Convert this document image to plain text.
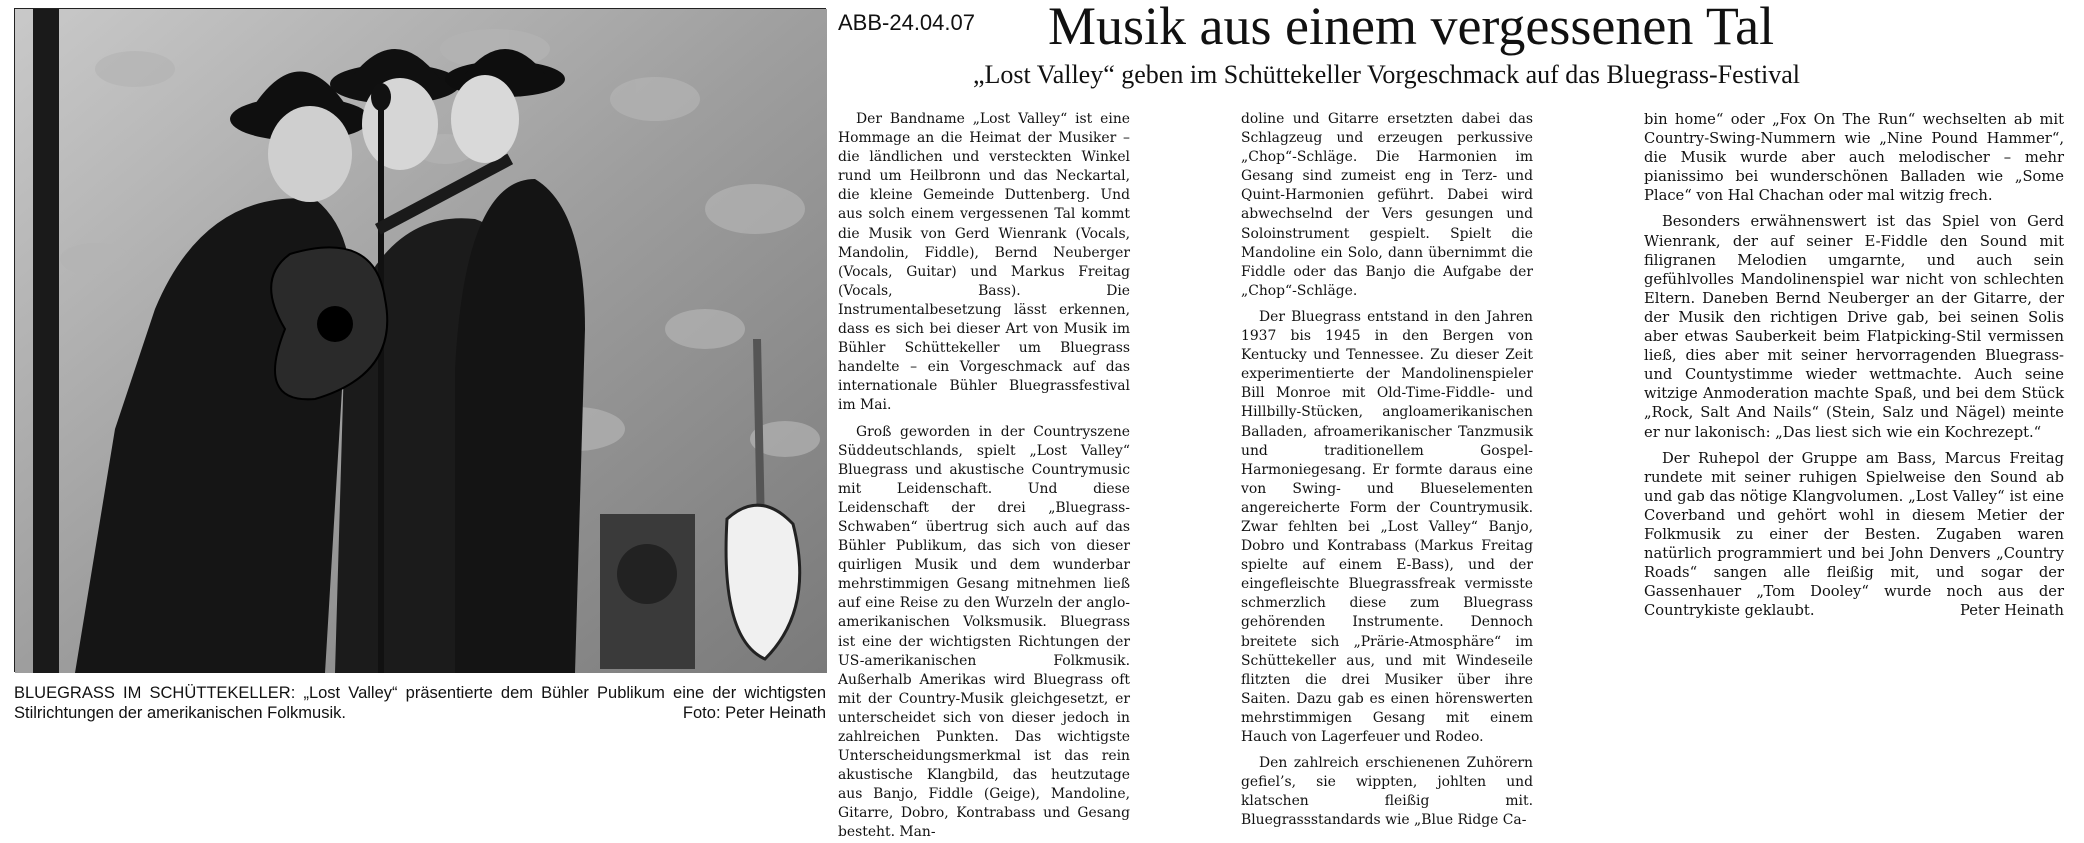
BLUEGRASS IM SCHÜTTEKELLER: „Lost Valley“ präsentierte dem Bühler Publikum eine der wichtigsten Stilrichtungen der amerikanischen Folkmusik.	Foto: Peter Heinath
ABB-24.04.07 Musik aus einem vergessenen Tal
„Lost Valley“ geben im Schüttekeller Vorgeschmack auf das Bluegrass-Festival

Der Bandname „Lost Valley“ ist eine Hommage an die Heimat der Musiker – die ländlichen und versteckten Winkel rund um Heilbronn und das Neckartal, die kleine Gemeinde Duttenberg. Und aus solch einem vergessenen Tal kommt die Musik von Gerd Wienrank (Vocals, Mandolin, Fiddle), Bernd Neuberger (Vocals, Guitar) und Markus Freitag (Vocals, Bass). Die Instrumentalbesetzung lässt erkennen, dass es sich bei dieser Art von Musik im Bühler Schüttekeller um Bluegrass handelte – ein Vorgeschmack auf das internationale Bühler Bluegrassfestival im Mai.

Groß geworden in der Countryszene Süddeutschlands, spielt „Lost Valley“ Bluegrass und akustische Countrymusic mit Leidenschaft. Und diese Leidenschaft der drei „Bluegrass-Schwaben“ übertrug sich auch auf das Bühler Publikum, das sich von dieser quirligen Musik und dem wunderbar mehrstimmigen Gesang mitnehmen ließ auf eine Reise zu den Wurzeln der anglo-amerikanischen Volksmusik. Bluegrass ist eine der wichtigsten Richtungen der US-amerikanischen Folkmusik. Außerhalb Amerikas wird Bluegrass oft mit der Country-Musik gleichgesetzt, er unterscheidet sich von dieser jedoch in zahlreichen Punkten. Das wichtigste Unterscheidungsmerkmal ist das rein akustische Klangbild, das heutzutage aus Banjo, Fiddle (Geige), Mandoline, Gitarre, Dobro, Kontrabass und Gesang besteht. Man-

doline und Gitarre ersetzten dabei das Schlagzeug und erzeugen perkussive „Chop“-Schläge. Die Harmonien im Gesang sind zumeist eng in Terz- und Quint-Harmonien geführt. Dabei wird abwechselnd der Vers gesungen und Soloinstrument gespielt. Spielt die Mandoline ein Solo, dann übernimmt die Fiddle oder das Banjo die Aufgabe der „Chop“-Schläge.

Der Bluegrass entstand in den Jahren 1937 bis 1945 in den Bergen von Kentucky und Tennessee. Zu dieser Zeit experimentierte der Mandolinenspieler Bill Monroe mit Old-Time-Fiddle- und Hillbilly-Stücken, angloamerikanischen Balladen, afroamerikanischer Tanzmusik und traditionellem Gospel-Harmoniegesang. Er formte daraus eine von Swing- und Blueselementen angereicherte Form der Countrymusik. Zwar fehlten bei „Lost Valley“ Banjo, Dobro und Kontrabass (Markus Freitag spielte auf einem E-Bass), und der eingefleischte Bluegrassfreak vermisste schmerzlich diese zum Bluegrass gehörenden Instrumente. Dennoch breitete sich „Prärie-Atmosphäre“ im Schüttekeller aus, und mit Windeseile flitzten die drei Musiker über ihre Saiten. Dazu gab es einen hörenswerten mehrstimmigen Gesang mit einem Hauch von Lagerfeuer und Rodeo.

Den zahlreich erschienenen Zuhörern gefiel’s, sie wippten, johlten und klatschen fleißig mit. Bluegrassstandards wie „Blue Ridge Ca-

bin home“ oder „Fox On The Run“ wechselten ab mit Country-Swing-Nummern wie „Nine Pound Hammer“, die Musik wurde aber auch melodischer – mehr pianissimo bei wunderschönen Balladen wie „Some Place“ von Hal Chachan oder mal witzig frech.

Besonders erwähnenswert ist das Spiel von Gerd Wienrank, der auf seiner E-Fiddle den Sound mit filigranen Melodien umgarnte, und auch sein gefühlvolles Mandolinenspiel war nicht von schlechten Eltern. Daneben Bernd Neuberger an der Gitarre, der der Musik den richtigen Drive gab, bei seinen Solis aber etwas Sauberkeit beim Flatpicking-Stil vermissen ließ, dies aber mit seiner hervorragenden Bluegrass- und Countystimme wieder wettmachte. Auch seine witzige Anmoderation machte Spaß, und bei dem Stück „Rock, Salt And Nails“ (Stein, Salz und Nägel) meinte er nur lakonisch: „Das liest sich wie ein Kochrezept.“

Der Ruhepol der Gruppe am Bass, Marcus Freitag rundete mit seiner ruhigen Spielweise den Sound ab und gab das nötige Klangvolumen. „Lost Valley“ ist eine Coverband und gehört wohl in diesem Metier der Folkmusik zu einer der Besten. Zugaben waren natürlich programmiert und bei John Denvers „Country Roads“ sangen alle fleißig mit, und sogar der Gassenhauer „Tom Dooley“ wurde noch aus der Countrykiste geklaubt.	Peter Heinath
